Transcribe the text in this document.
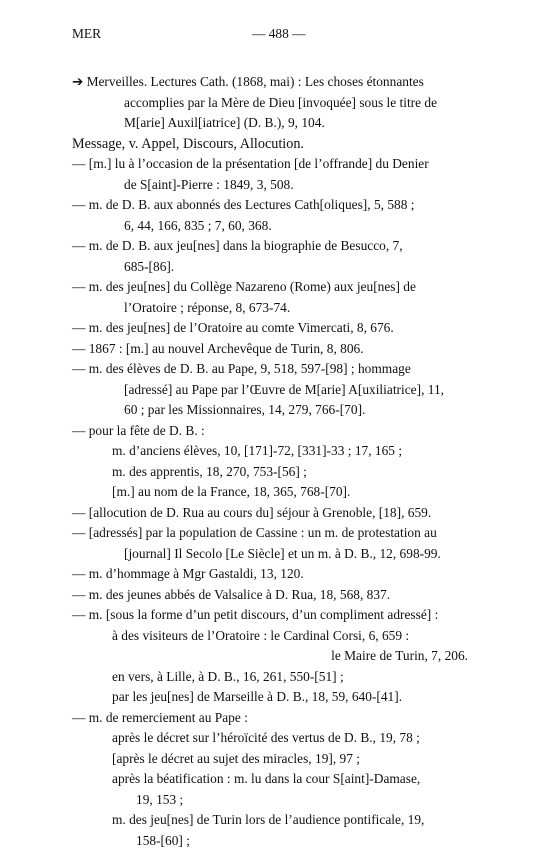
MER	— 488 —
➔ Merveilles. Lectures Cath. (1868, mai) : Les choses étonnantes
accomplies par la Mère de Dieu [invoquée] sous le titre de
M[arie] Auxil[iatrice] (D. B.), 9, 104.
Message, v. Appel, Discours, Allocution.
— [m.] lu à l’occasion de la présentation [de l’offrande] du Denier
de S[aint]-Pierre : 1849, 3, 508.
— m. de D. B. aux abonnés des Lectures Cath[oliques], 5, 588 ;
6, 44, 166, 835 ; 7, 60, 368.
— m. de D. B. aux jeu[nes] dans la biographie de Besucco, 7,
685-[86].
— m. des jeu[nes] du Collège Nazareno (Rome) aux jeu[nes] de
l’Oratoire ; réponse, 8, 673-74.
— m. des jeu[nes] de l’Oratoire au comte Vimercati, 8, 676.
— 1867 : [m.] au nouvel Archevêque de Turin, 8, 806.
— m. des élèves de D. B. au Pape, 9, 518, 597-[98] ; hommage
[adressé] au Pape par l’Œuvre de M[arie] A[uxiliatrice], 11,
60 ; par les Missionnaires, 14, 279, 766-[70].
— pour la fête de D. B. :
m. d’anciens élèves, 10, [171]-72, [331]-33 ; 17, 165 ;
m. des apprentis, 18, 270, 753-[56] ;
[m.] au nom de la France, 18, 365, 768-[70].
— [allocution de D. Rua au cours du] séjour à Grenoble, [18], 659.
— [adressés] par la population de Cassine : un m. de protestation au
[journal] Il Secolo [Le Siècle] et un m. à D. B., 12, 698-99.
— m. d’hommage à Mgr Gastaldi, 13, 120.
— m. des jeunes abbés de Valsalice à D. Rua, 18, 568, 837.
— m. [sous la forme d’un petit discours, d’un compliment adressé] :
à des visiteurs de l’Oratoire : le Cardinal Corsi, 6, 659 :
le Maire de Turin, 7, 206.
en vers, à Lille, à D. B., 16, 261, 550-[51] ;
par les jeu[nes] de Marseille à D. B., 18, 59, 640-[41].
— m. de remerciement au Pape :
après le décret sur l’héroïcité des vertus de D. B., 19, 78 ;
[après le décret au sujet des miracles, 19], 97 ;
après la béatification : m. lu dans la cour S[aint]-Damase,
19, 153 ;
m. des jeu[nes] de Turin lors de l’audience pontificale, 19,
158-[60] ;
